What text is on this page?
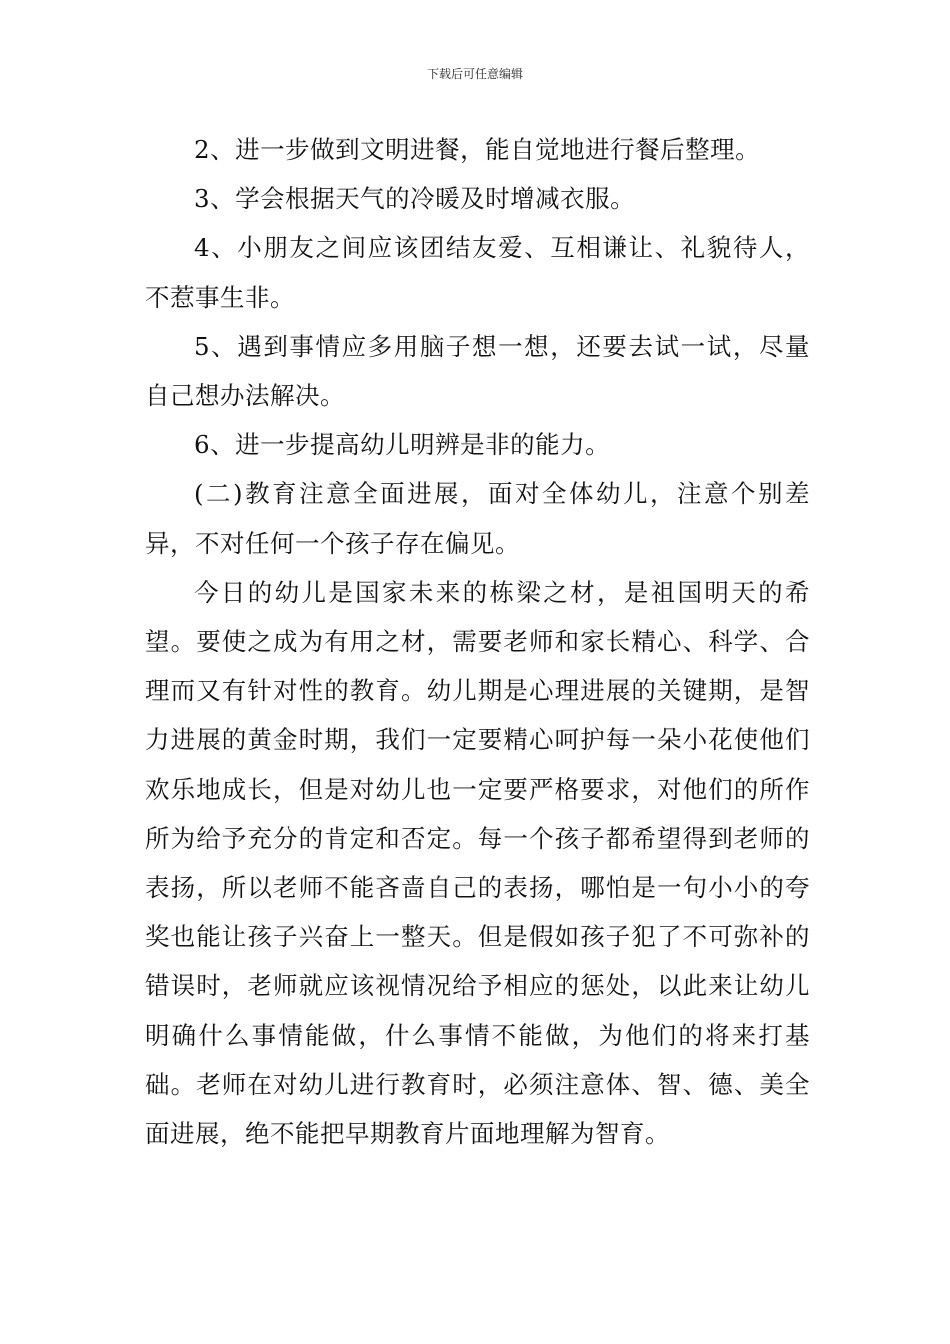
下载后可任意编辑

2、进一步做到文明进餐，能自觉地进行餐后整理。

3、学会根据天气的冷暖及时增减衣服。

4、小朋友之间应该团结友爱、互相谦让、礼貌待人，不惹事生非。

5、遇到事情应多用脑子想一想，还要去试一试，尽量自己想办法解决。

6、进一步提高幼儿明辨是非的能力。

(二)教育注意全面进展，面对全体幼儿，注意个别差异，不对任何一个孩子存在偏见。

今日的幼儿是国家未来的栋梁之材，是祖国明天的希望。要使之成为有用之材，需要老师和家长精心、科学、合理而又有针对性的教育。幼儿期是心理进展的关键期，是智力进展的黄金时期，我们一定要精心呵护每一朵小花使他们欢乐地成长，但是对幼儿也一定要严格要求，对他们的所作所为给予充分的肯定和否定。每一个孩子都希望得到老师的表扬，所以老师不能吝啬自己的表扬，哪怕是一句小小的夸奖也能让孩子兴奋上一整天。但是假如孩子犯了不可弥补的错误时，老师就应该视情况给予相应的惩处，以此来让幼儿明确什么事情能做，什么事情不能做，为他们的将来打基础。老师在对幼儿进行教育时，必须注意体、智、德、美全面进展，绝不能把早期教育片面地理解为智育。
